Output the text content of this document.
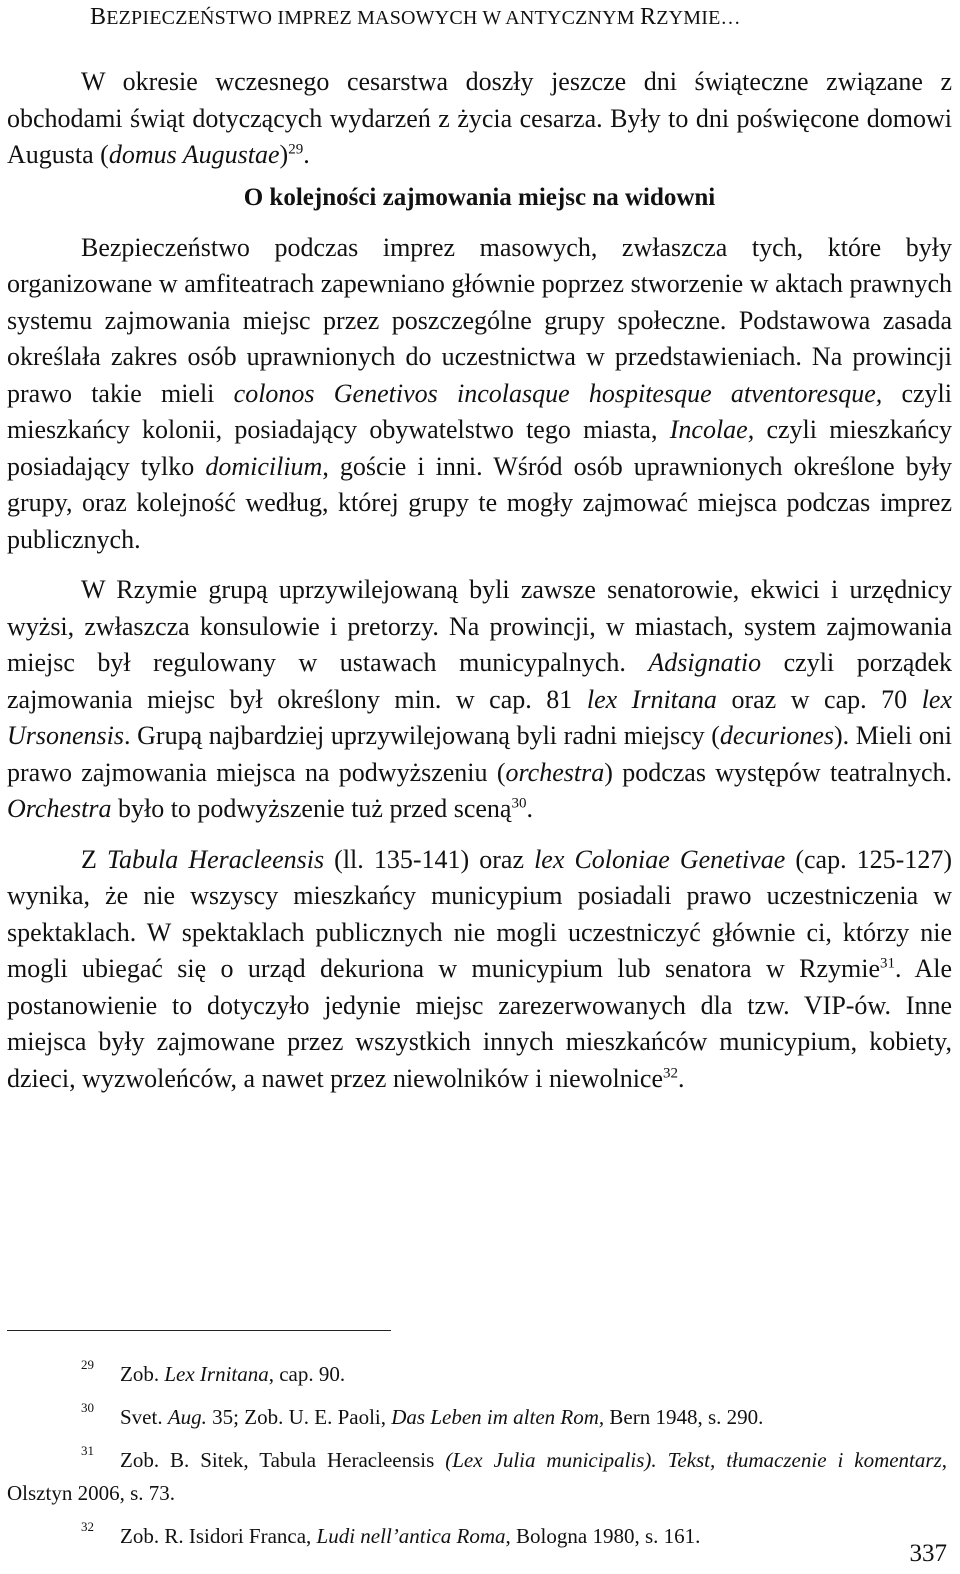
BEZPIECZEŃSTWO IMPREZ MASOWYCH W ANTYCZNYM RZYMIE…

W okresie wczesnego cesarstwa doszły jeszcze dni świąteczne związane z obchodami świąt dotyczących wydarzeń z życia cesarza. Były to dni poświęcone domowi Augusta (domus Augustae)$^{29}$.

O kolejności zajmowania miejsc na widowni

Bezpieczeństwo podczas imprez masowych, zwłaszcza tych, które były organizowane w amfiteatrach zapewniano głównie poprzez stworzenie w aktach prawnych systemu zajmowania miejsc przez poszczególne grupy społeczne. Podstawowa zasada określała zakres osób uprawnionych do uczestnictwa w przedstawieniach. Na prowincji prawo takie mieli colonos Genetivos incolasque hospitesque atventoresque, czyli mieszkańcy kolonii, posiadający obywatelstwo tego miasta, Incolae, czyli mieszkańcy posiadający tylko domicilium, goście i inni. Wśród osób uprawnionych określone były grupy, oraz kolejność według, której grupy te mogły zajmować miejsca podczas imprez publicznych.

W Rzymie grupą uprzywilejowaną byli zawsze senatorowie, ekwici i urzędnicy wyżsi, zwłaszcza konsulowie i pretorzy. Na prowincji, w miastach, system zajmowania miejsc był regulowany w ustawach municypalnych. Adsignatio czyli porządek zajmowania miejsc był określony min. w cap. 81 lex Irnitana oraz w cap. 70 lex Ursonensis. Grupą najbardziej uprzywilejowaną byli radni miejscy (decuriones). Mieli oni prawo zajmowania miejsca na podwyższeniu (orchestra) podczas występów teatralnych. Orchestra było to podwyższenie tuż przed sceną$^{30}$.

Z Tabula Heracleensis (ll. 135-141) oraz lex Coloniae Genetivae (cap. 125-127) wynika, że nie wszyscy mieszkańcy municypium posiadali prawo uczestniczenia w spektaklach. W spektaklach publicznych nie mogli uczestniczyć głównie ci, którzy nie mogli ubiegać się o urząd dekuriona w municypium lub senatora w Rzymie$^{31}$. Ale postanowienie to dotyczyło jedynie miejsc zarezerwowanych dla tzw. VIP-ów. Inne miejsca były zajmowane przez wszystkich innych mieszkańców municypium, kobiety, dzieci, wyzwoleńców, a nawet przez niewolników i niewolnice$^{32}$.

$^{29}$ Zob. Lex Irnitana, cap. 90.

$^{30}$ Svet. Aug. 35; Zob. U. E. Paoli, Das Leben im alten Rom, Bern 1948, s. 290.

$^{31}$ Zob. B. Sitek, Tabula Heracleensis (Lex Julia municipalis). Tekst, tłumaczenie i komentarz, Olsztyn 2006, s. 73.

$^{32}$ Zob. R. Isidori Franca, Ludi nell’antica Roma, Bologna 1980, s. 161.

337
